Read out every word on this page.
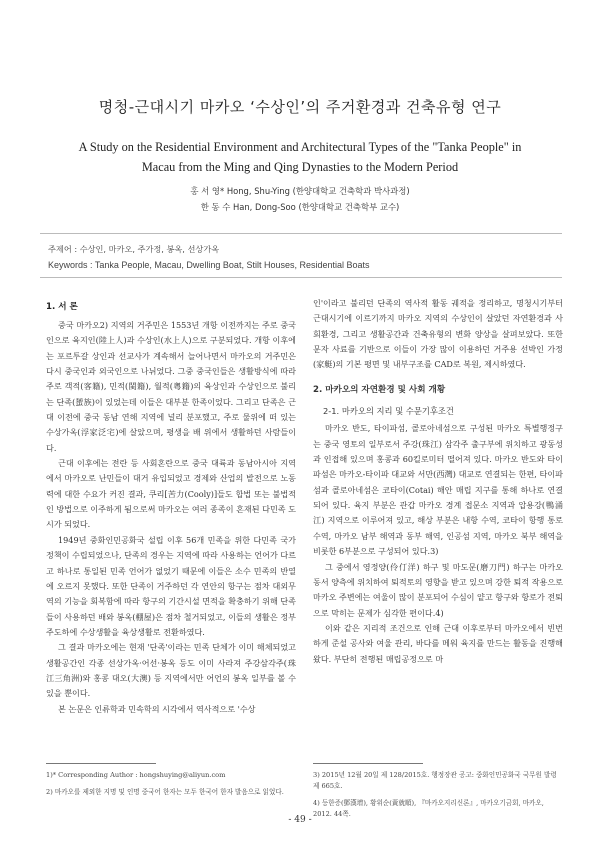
명청-근대시기 마카오 ‘수상인’의 주거환경과 건축유형 연구
A Study on the Residential Environment and Architectural Types of the "Tanka People" in
Macau from the Ming and Qing Dynasties to the Modern Period
홍 서 영* Hong, Shu-Ying (한양대학교 건축학과 박사과정)
한 동 수 Han, Dong-Soo (한양대학교 건축학부 교수)
주제어 : 수상인, 마카오, 주가정, 봉옥, 선상가옥
Keywords : Tanka People, Macau, Dwelling Boat, Stilt Houses, Residential Boats
1. 서 론

중국 마카오2) 지역의 거주민은 1553년 개항 이전까지는 주로 중국인으로 육지인(陸上人)과 수상인(水上人)으로 구분되었다. 개항 이후에는 포르투갈 상인과 선교사가 계속해서 늘어나면서 마카오의 거주민은 다시 중국인과 외국인으로 나뉘었다. 그중 중국인들은 생활방식에 따라 주로 객적(客籍), 민적(閩籍), 월적(粵籍)의 육상인과 수상인으로 불리는 단족(蜑族)이 있었는데 이들은 대부분 한족이었다. 그리고 단족은 근대 이전에 중국 동남 연해 지역에 널리 분포했고, 주로 물위에 떠 있는 수상가옥(浮家泛宅)에 살았으며, 평생을 배 위에서 생활하던 사람들이다.

근대 이후에는 전란 등 사회혼란으로 중국 대륙과 동남아시아 지역에서 마카오로 난민들이 대거 유입되었고 경제와 산업의 발전으로 노동력에 대한 수요가 커진 결과, 쿠리[苦力(Cooly)]들도 합법 또는 불법적인 방법으로 이주하게 됨으로써 마카오는 여러 종족이 혼재된 다민족 도시가 되었다.

1949년 중화인민공화국 설립 이후 56개 민족을 위한 다민족 국가 정책이 수립되었으나, 단족의 경우는 지역에 따라 사용하는 언어가 다르고 하나로 통일된 민족 언어가 없었기 때문에 이들은 소수 민족의 반열에 오르지 못했다. 또한 단족이 거주하던 각 연안의 항구는 점차 대외무역의 기능을 회복함에 따라 항구의 기간시설 면적을 확충하기 위해 단족들이 사용하던 배와 봉옥(棚屋)은 점차 철거되었고, 이들의 생활은 정부 주도하에 수상생활을 육상생활로 전환하였다.

그 결과 마카오에는 현재 '단족'이라는 민족 단체가 이미 해체되었고 생활공간인 각종 선상가옥·어선·봉옥 등도 이미 사라져 주강삼각주(珠江三角洲)와 홍콩 대오(大澳) 등 지역에서만 어언의 봉옥 일부를 볼 수 있을 뿐이다.

본 논문은 인류학과 민속학의 시각에서 역사적으로 '수상

인'이라고 불리던 단족의 역사적 활동 궤적을 정리하고, 명청시기부터 근대시기에 이르기까지 마카오 지역의 수상인이 살았던 자연환경과 사회환경, 그리고 생활공간과 건축유형의 변화 양상을 살펴보았다. 또한 문자 사료를 기반으로 이들이 가장 많이 이용하던 거주용 선박인 가정(家艇)의 기본 평면 및 내부구조를 CAD로 복원, 제시하였다.

2. 마카오의 자연환경 및 사회 개황
2-1. 마카오의 지리 및 수문기후조건

마카오 반도, 타이파섬, 콜로아네섬으로 구성된 마카오 특별행정구는 중국 영토의 일부로서 주강(珠江) 삼각주 출구부에 위치하고 광동성과 인접해 있으며 홍콩과 60킬로미터 떨어져 있다. 마카오 반도와 타이파섬은 마카오-타이파 대교와 서만(西灣) 대교로 연결되는 한편, 타이파섬과 콜로아네섬은 코타이(Cotai) 해안 매립 지구를 통해 하나로 연결되어 있다. 육지 부분은 관갑 마카오 경계 접문소 지역과 압용강(鴨涌江) 지역으로 이루어져 있고, 해상 부분은 내항 수역, 코타이 항행 통로 수역, 마카오 남부 해역과 동부 해역, 인공섬 지역, 마카오 북부 해역을 비롯한 6부분으로 구성되어 있다.3)

그 중에서 영정양(伶仃洋) 하구 및 마도문(磨刀門) 하구는 마카오 동서 양측에 위치하여 퇴적토의 영향을 받고 있으며 강한 퇴적 작용으로 마카오 주변에는 여울이 많이 분포되어 수심이 얕고 항구와 항로가 전퇴으로 막히는 문제가 심각한 편이다.4)

이와 같은 지리적 조건으로 인해 근대 이후로부터 마카오에서 빈번하게 준설 공사와 여울 관리, 바다를 메워 육지를 만드는 활동을 진행해 왔다. 부단히 전행된 매립공정으로 마

1)* Corresponding Author : hongshuying@aliyun.com

2) 마카오를 제외한 지명 및 인명 중국어 한자는 모두 한국어 한자 발음으로 읽었다.

3) 2015년 12월 20일 제 128/2015호. 행정장관 공고: 중화인민공화국 국무원 발령 제 665호.

4) 등한증(鄧漢增), 황위순(黃就順), 『마카오지리신론』, 마카오기금회, 마카오, 2012. 44쪽.

- 49 -
